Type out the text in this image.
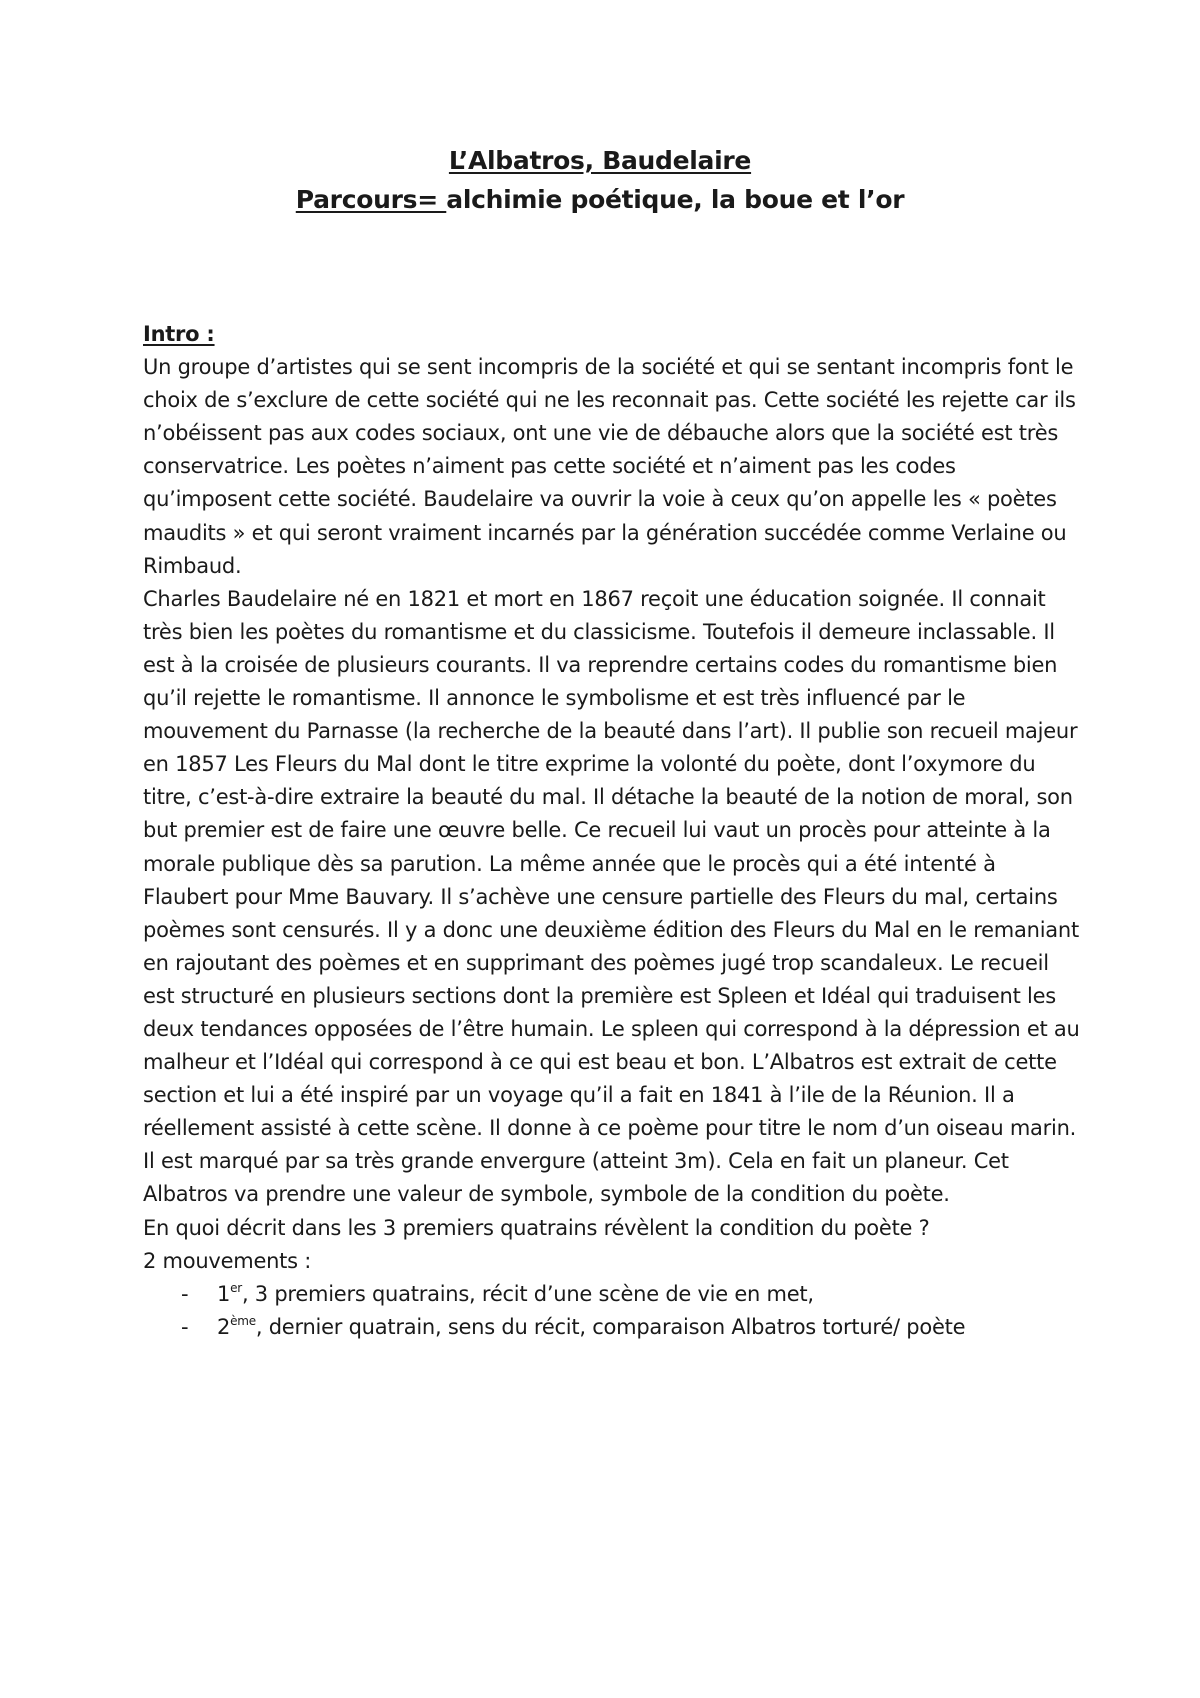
L’Albatros, Baudelaire
Parcours= alchimie poétique, la boue et l’or
Intro :

Un groupe d’artistes qui se sent incompris de la société et qui se sentant incompris font le choix de s’exclure de cette société qui ne les reconnait pas. Cette société les rejette car ils n’obéissent pas aux codes sociaux, ont une vie de débauche alors que la société est très conservatrice. Les poètes n’aiment pas cette société et n’aiment pas les codes qu’imposent cette société. Baudelaire va ouvrir la voie à ceux qu’on appelle les « poètes maudits » et qui seront vraiment incarnés par la génération succédée comme Verlaine ou Rimbaud.

Charles Baudelaire né en 1821 et mort en 1867 reçoit une éducation soignée. Il connait très bien les poètes du romantisme et du classicisme. Toutefois il demeure inclassable. Il est à la croisée de plusieurs courants. Il va reprendre certains codes du romantisme bien qu’il rejette le romantisme. Il annonce le symbolisme et est très influencé par le mouvement du Parnasse (la recherche de la beauté dans l’art). Il publie son recueil majeur en 1857 Les Fleurs du Mal dont le titre exprime la volonté du poète, dont l’oxymore du titre, c’est-à-dire extraire la beauté du mal. Il détache la beauté de la notion de moral, son but premier est de faire une œuvre belle. Ce recueil lui vaut un procès pour atteinte à la morale publique dès sa parution. La même année que le procès qui a été intenté à Flaubert pour Mme Bauvary. Il s’achève une censure partielle des Fleurs du mal, certains poèmes sont censurés. Il y a donc une deuxième édition des Fleurs du Mal en le remaniant en rajoutant des poèmes et en supprimant des poèmes jugé trop scandaleux. Le recueil est structuré en plusieurs sections dont la première est Spleen et Idéal qui traduisent les deux tendances opposées de l’être humain. Le spleen qui correspond à la dépression et au malheur et l’Idéal qui correspond à ce qui est beau et bon. L’Albatros est extrait de cette section et lui a été inspiré par un voyage qu’il a fait en 1841 à l’ile de la Réunion. Il a réellement assisté à cette scène. Il donne à ce poème pour titre le nom d’un oiseau marin. Il est marqué par sa très grande envergure (atteint 3m). Cela en fait un planeur. Cet Albatros va prendre une valeur de symbole, symbole de la condition du poète.

En quoi décrit dans les 3 premiers quatrains révèlent la condition du poète ?

2 mouvements :

- 1er, 3 premiers quatrains, récit d’une scène de vie en met,
- 2ème, dernier quatrain, sens du récit, comparaison Albatros torturé/ poète
